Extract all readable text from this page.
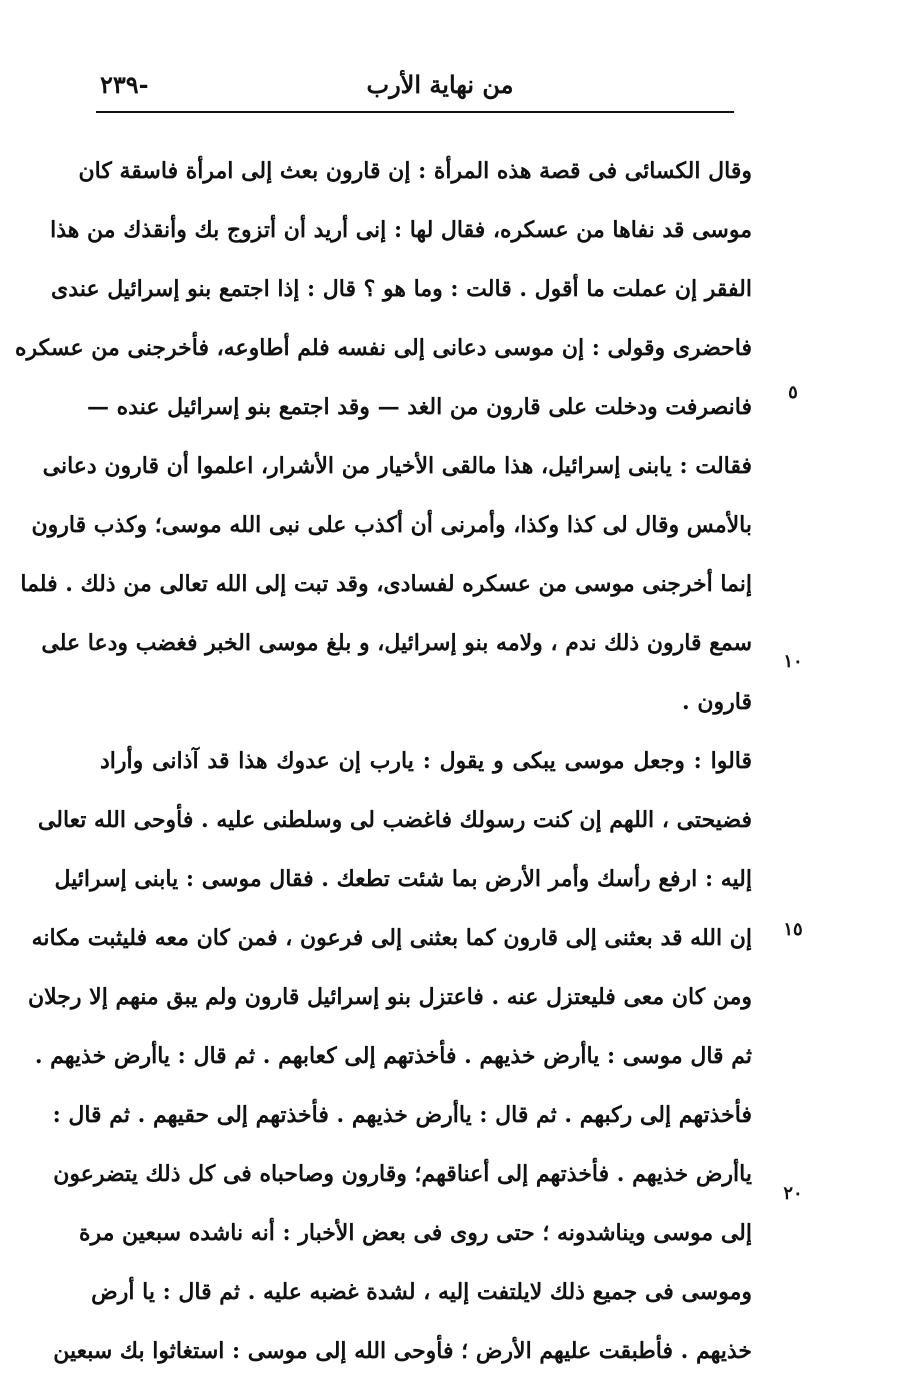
من نهاية الأرب
-٢٣٩
وقال الكسائى فى قصة هذه المرأة : إن قارون بعث إلى امرأة فاسقة كان
موسى قد نفاها من عسكره، فقال لها : إنى أريد أن أتزوج بك وأنقذك من هذا
الفقر إن عملت ما أقول . قالت : وما هو ؟ قال : إذا اجتمع بنو إسرائيل عندى
فاحضرى وقولى : إن موسى دعانى إلى نفسه فلم أطاوعه، فأخرجنى من عسكره
فانصرفت ودخلت على قارون من الغد — وقد اجتمع بنو إسرائيل عنده —
فقالت : يابنى إسرائيل، هذا مالقى الأخيار من الأشرار، اعلموا أن قارون دعانى
بالأمس وقال لى كذا وكذا، وأمرنى أن أكذب على نبى الله موسى؛ وكذب قارون
إنما أخرجنى موسى من عسكره لفسادى، وقد تبت إلى الله تعالى من ذلك . فلما
سمع قارون ذلك ندم ، ولامه بنو إسرائيل، و بلغ موسى الخبر فغضب ودعا على
قارون .
قالوا : وجعل موسى يبكى و يقول : يارب إن عدوك هذا قد آذانى وأراد
فضيحتى ، اللهم إن كنت رسولك فاغضب لى وسلطنى عليه . فأوحى الله تعالى
إليه : ارفع رأسك وأمر الأرض بما شئت تطعك . فقال موسى : يابنى إسرائيل
إن الله قد بعثنى إلى قارون كما بعثنى إلى فرعون ، فمن كان معه فليثبت مكانه
ومن كان معى فليعتزل عنه . فاعتزل بنو إسرائيل قارون ولم يبق منهم إلا رجلان
ثم قال موسى : ياأرض خذيهم . فأخذتهم إلى كعابهم . ثم قال : ياأرض خذيهم .
فأخذتهم إلى ركبهم . ثم قال : ياأرض خذيهم . فأخذتهم إلى حقيهم . ثم قال :
ياأرض خذيهم . فأخذتهم إلى أعناقهم؛ وقارون وصاحباه فى كل ذلك يتضرعون
إلى موسى ويناشدونه ؛ حتى روى فى بعض الأخبار : أنه ناشده سبعين مرة
وموسى فى جميع ذلك لايلتفت إليه ، لشدة غضبه عليه . ثم قال : يا أرض
خذيهم . فأطبقت عليهم الأرض ؛ فأوحى الله إلى موسى : استغاثوا بك سبعين
٥
١٠
١٥
٢٠
